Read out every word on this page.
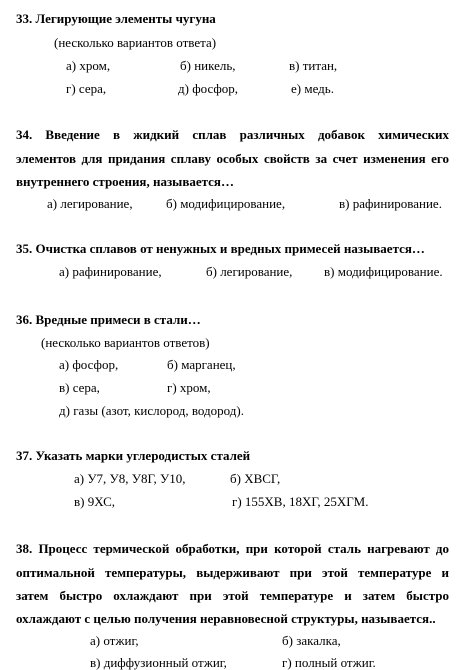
33. Легирующие элементы чугуна
(несколько вариантов ответа)
а) хром,	б) никель,	в) титан,
г) сера,	д) фосфор,	е) медь.
34. Введение в жидкий сплав различных добавок химических
элементов для придания сплаву особых свойств за счет изменения его
внутреннего строения, называется…
а) легирование,	б) модифицирование,	в) рафинирование.
35. Очистка сплавов от ненужных и вредных примесей называется…
а) рафинирование,	б) легирование, в) модифицирование.
36. Вредные примеси в стали…
(несколько вариантов ответов)
а) фосфор,	б) марганец,
в) сера,	г) хром,
д) газы (азот, кислород, водород).
37. Указать марки углеродистых сталей
а) У7, У8, У8Г, У10,	б) ХВСГ,
в) 9ХС,	г) 155ХВ, 18ХГ, 25ХГМ.
38. Процесс термической обработки, при которой сталь нагревают до
оптимальной температуры, выдерживают при этой температуре и
затем быстро охлаждают при этой температуре и затем быстро
охлаждают с целью получения неравновесной структуры, называется..
а) отжиг,	б) закалка,
в) диффузионный отжиг,	г) полный отжиг.
